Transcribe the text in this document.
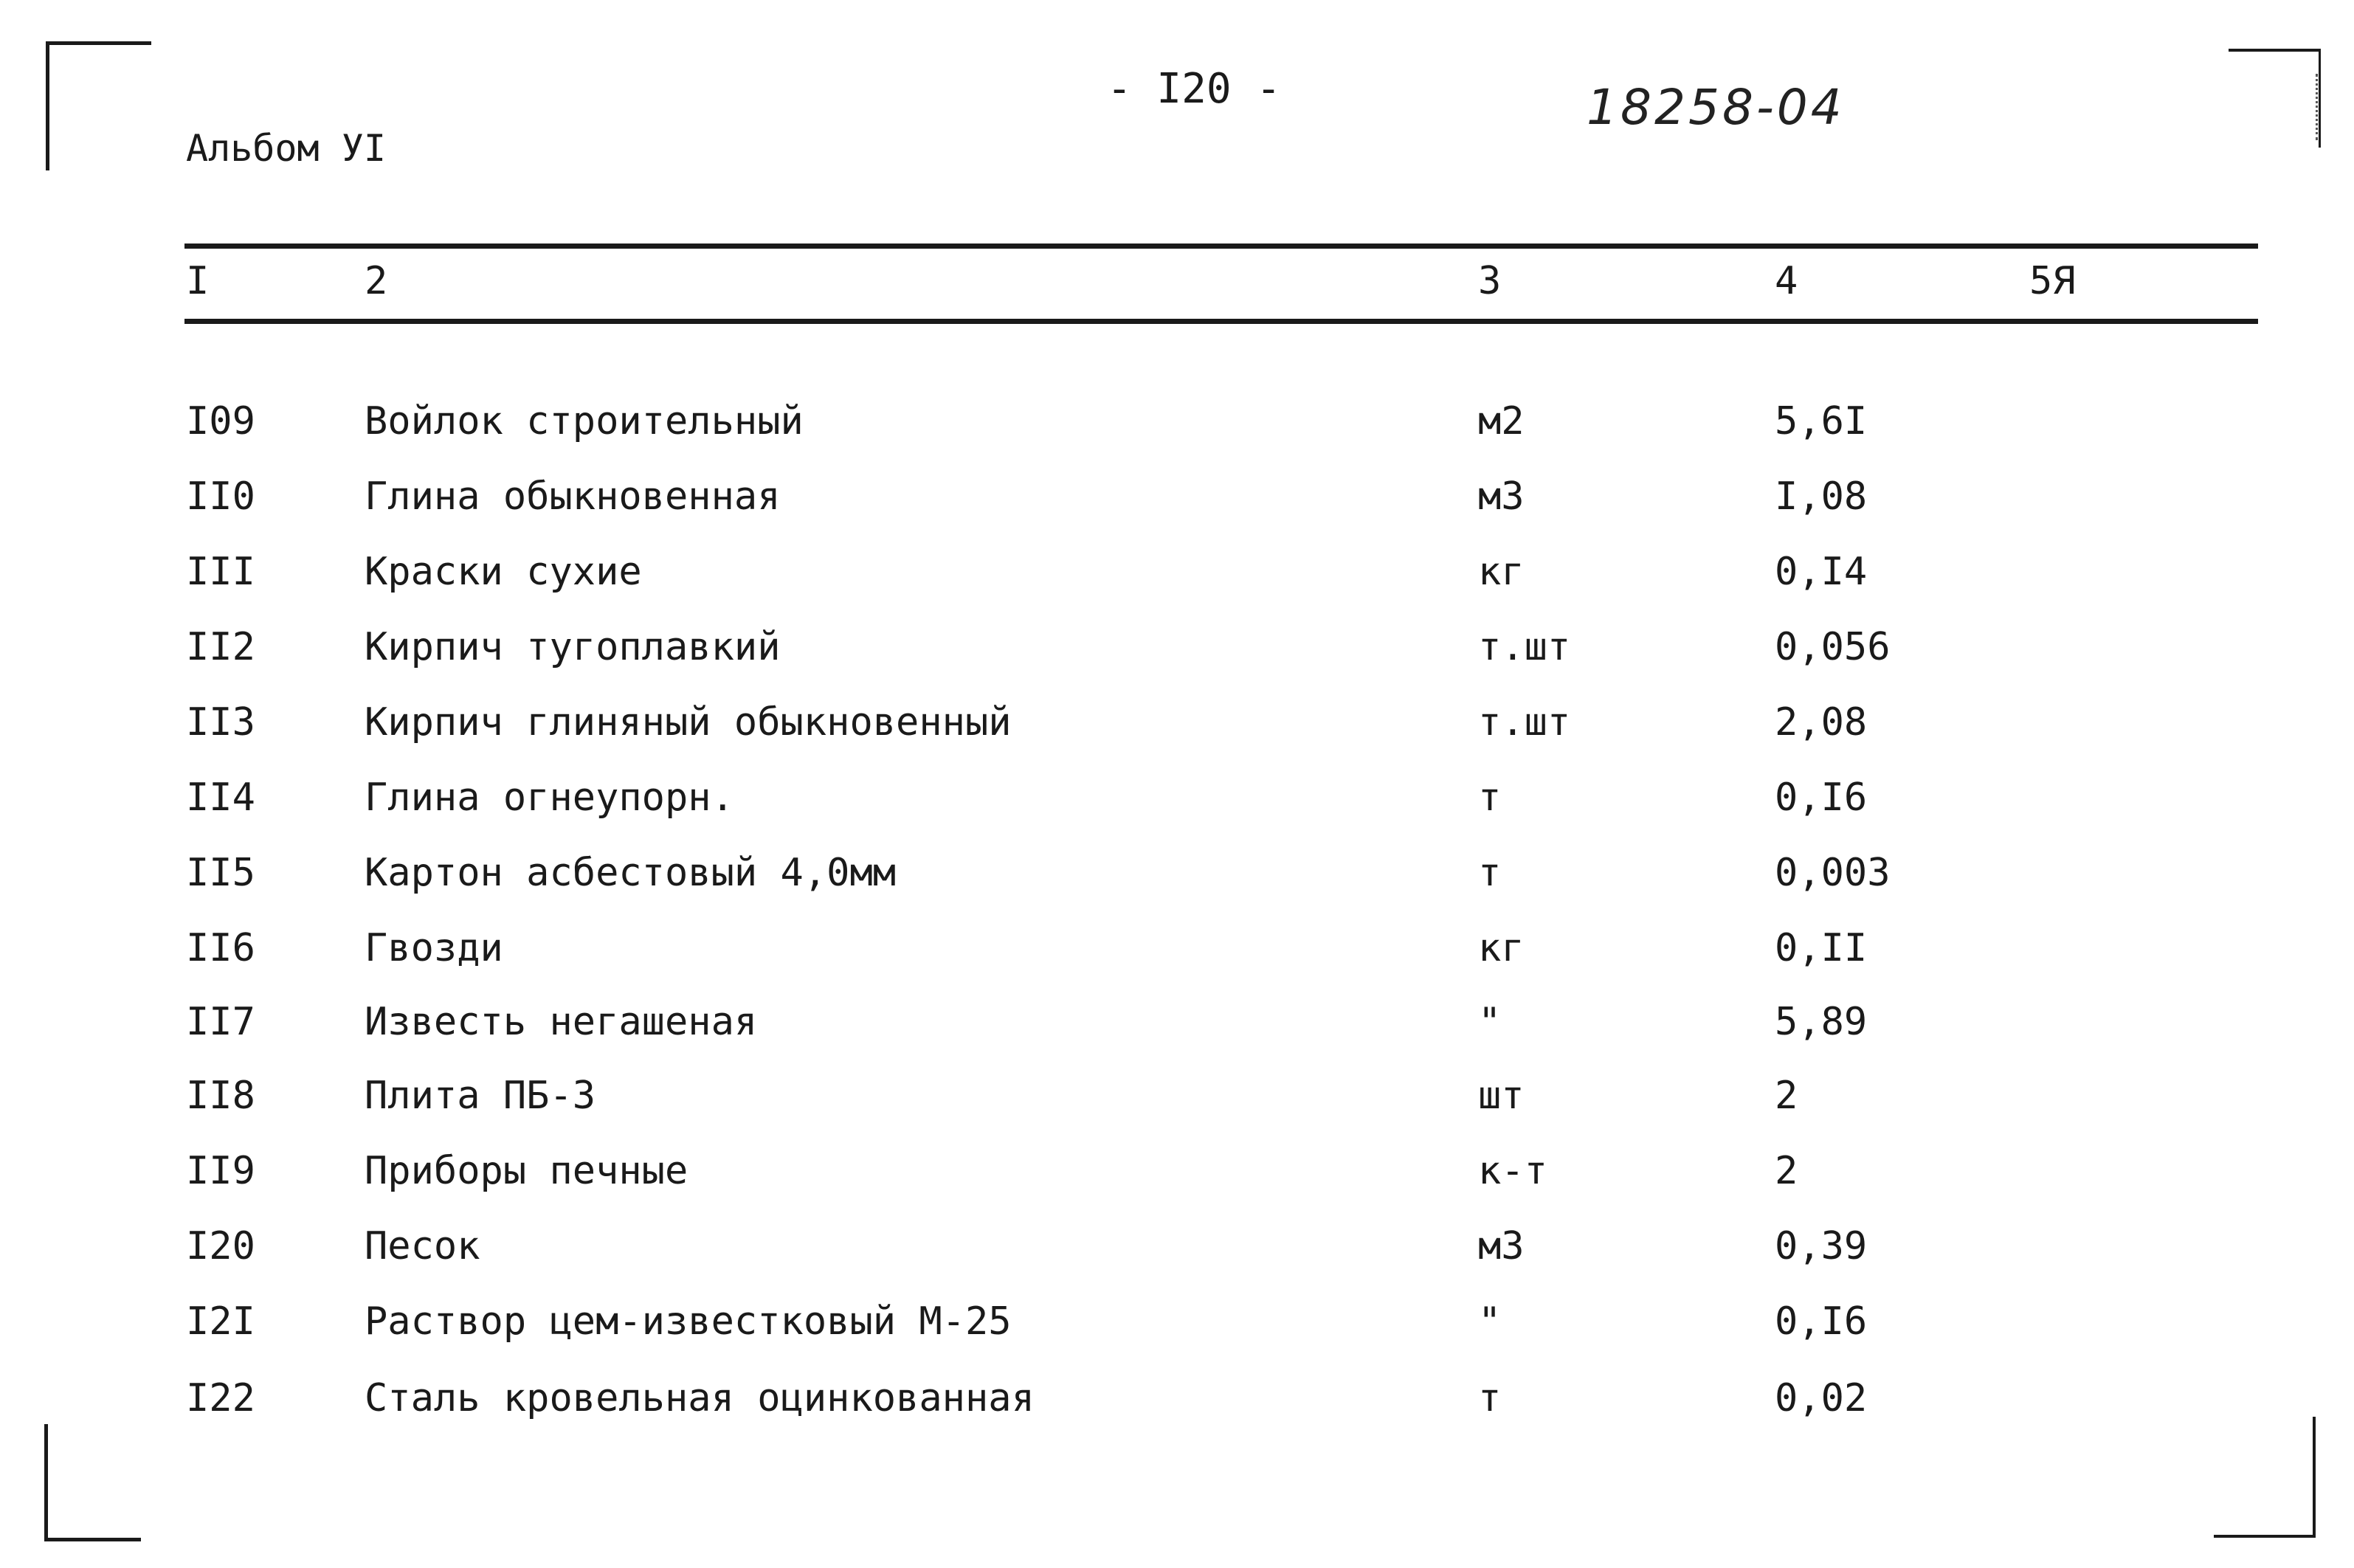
Альбом УI
- I20 -	18258-04
I	2	3	4	5Я
I09	Войлок строительный	м2	5,6I
II0	Глина обыкновенная	м3	I,08
III	Краски сухие	кг	0,I4
II2	Кирпич тугоплавкий	т.шт	0,056
II3	Кирпич глиняный обыкновенный	т.шт	2,08
II4	Глина огнеупорн.	т	0,I6
II5	Картон асбестовый 4,0мм	т	0,003
II6	Гвозди	кг	0,II
II7	Известь негашеная	"	5,89
II8	Плита ПБ-3	шт	2
II9	Приборы печные	к-т	2
I20	Песок	м3	0,39
I2I	Раствор цем-известковый М-25	"	0,I6
I22	Сталь кровельная оцинкованная	т	0,02
